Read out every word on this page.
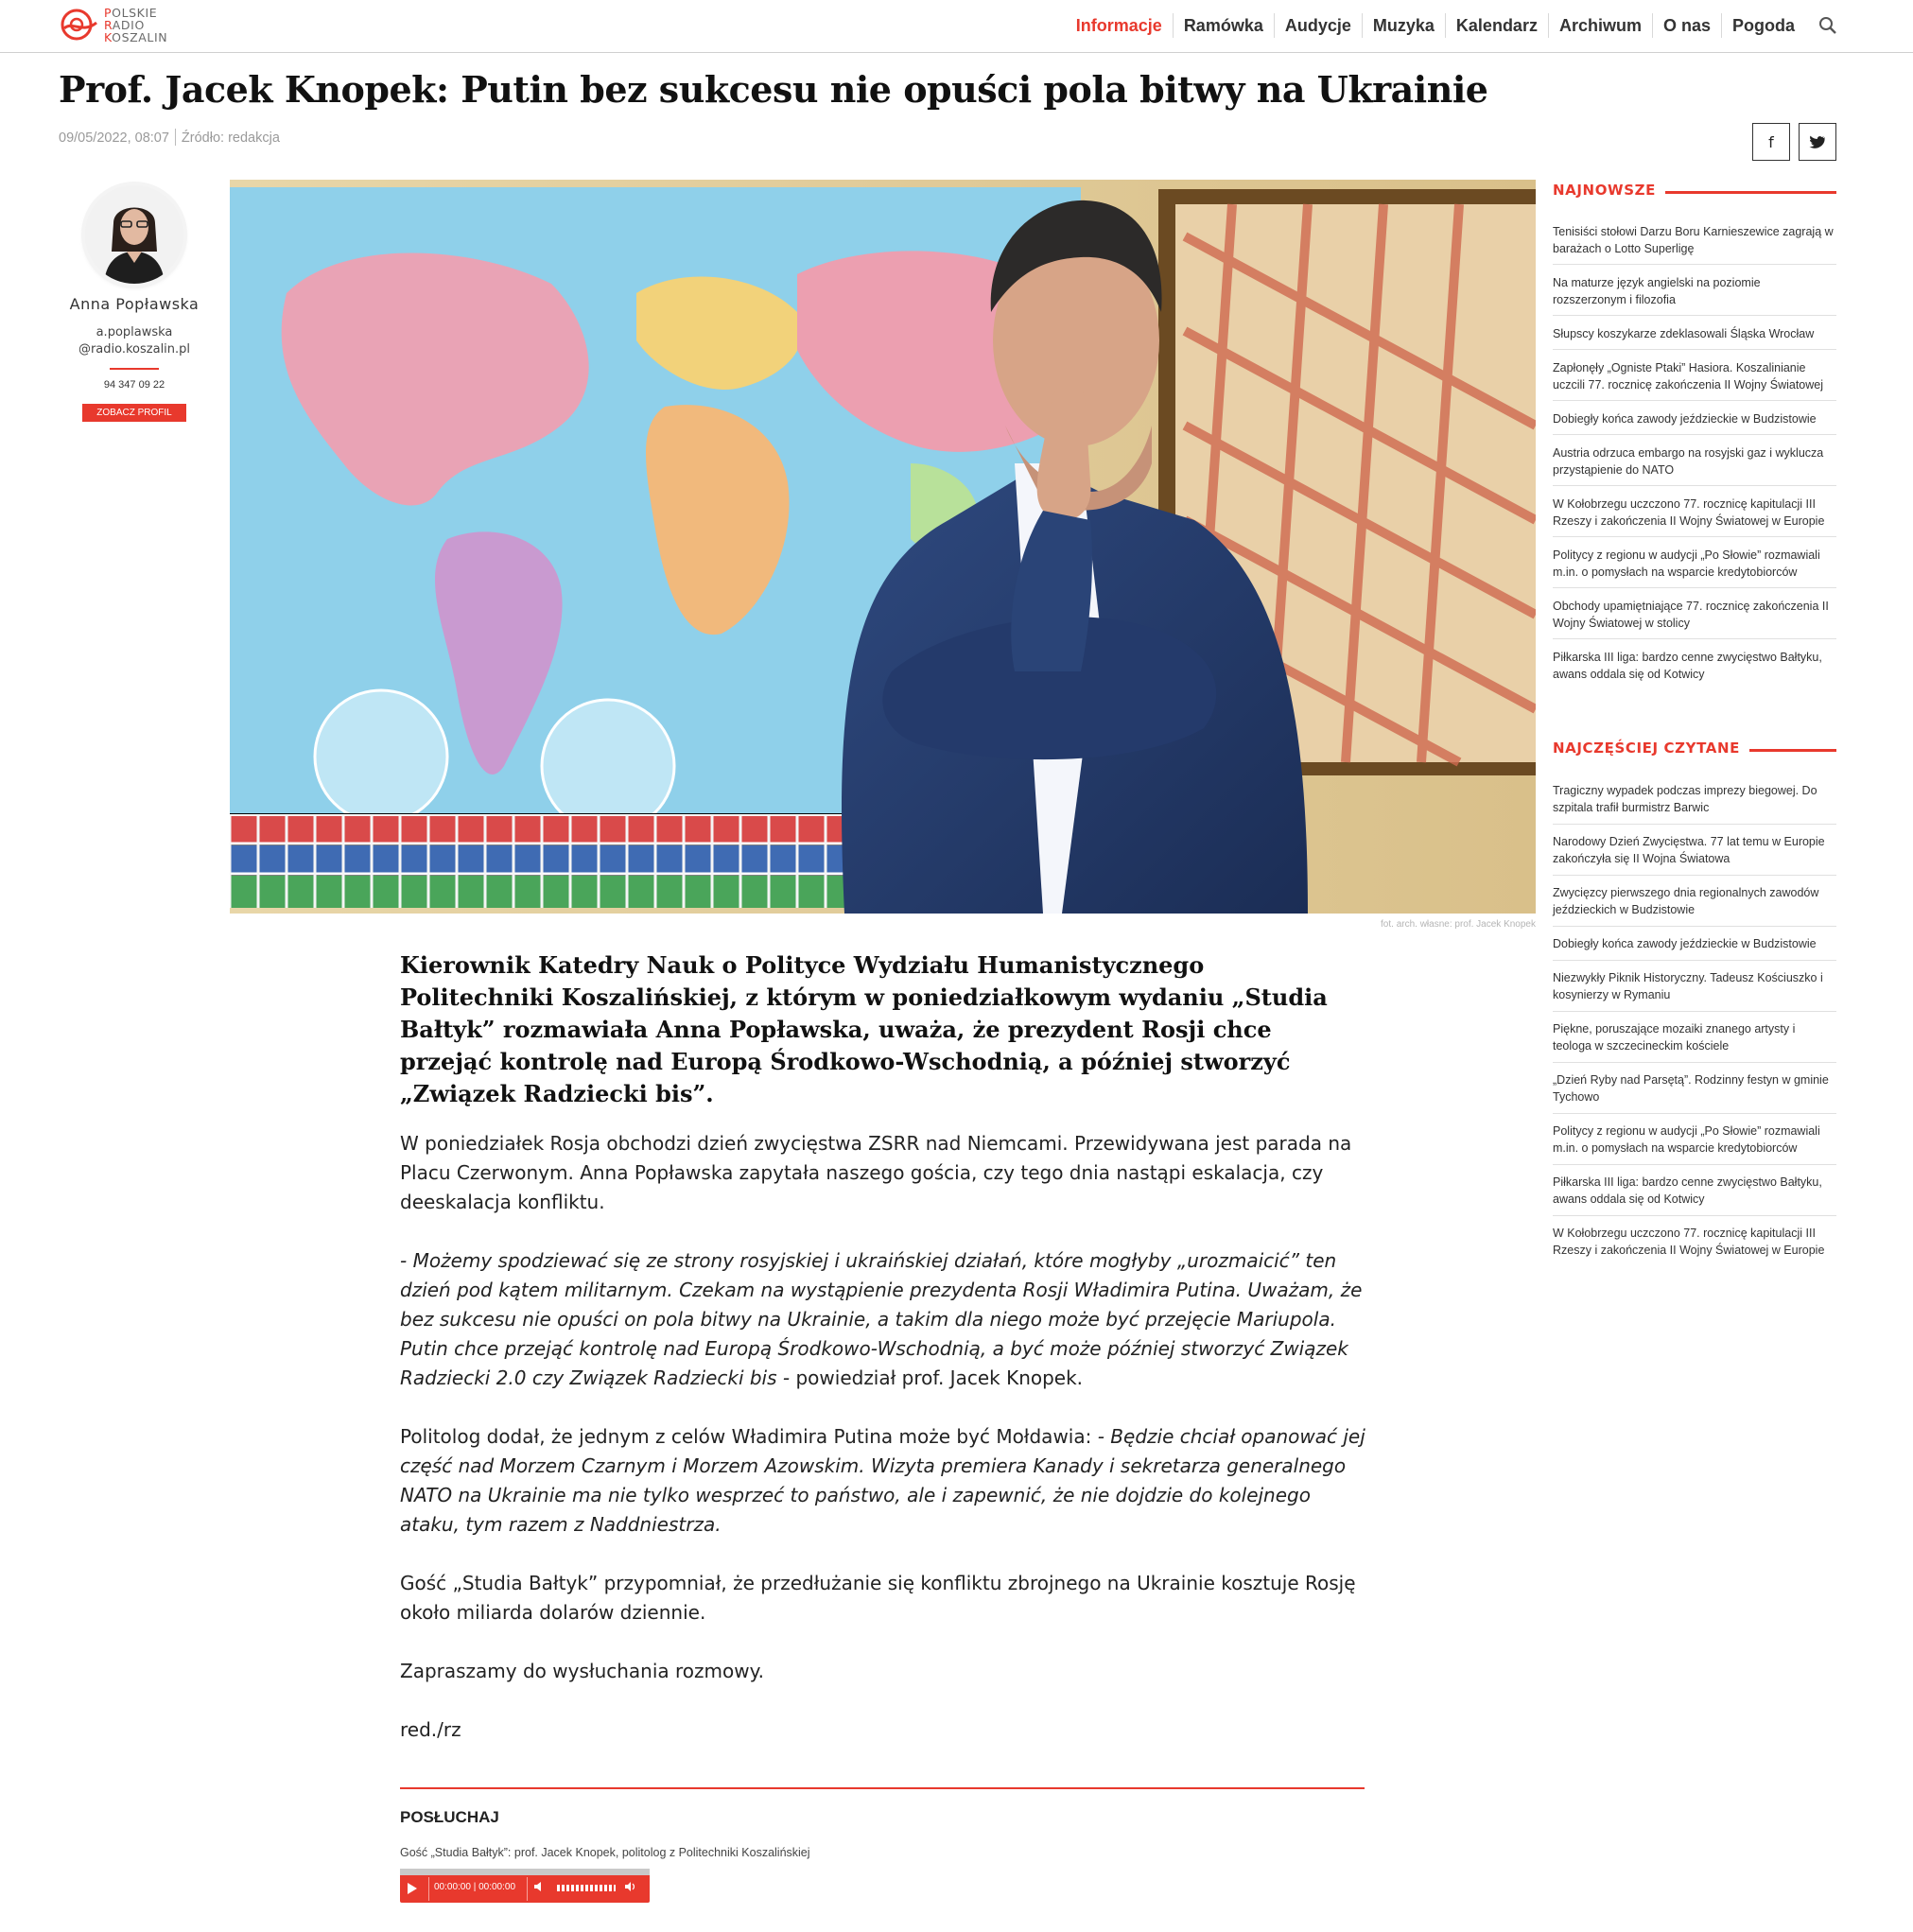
POLSKIE
RADIO
KOSZALIN
Informacje	Ramówka	Audycje	Muzyka	Kalendarz	Archiwum	O nas	Pogoda
Prof. Jacek Knopek: Putin bez sukcesu nie opuści pola bitwy na Ukrainie
09/05/2022, 08:07 Źródło: redakcja	f
Anna Popławska
a.poplawska
@radio.koszalin.pl
94 347 09 22
ZOBACZ PROFIL
fot. arch. własne: prof. Jacek Knopek

Kierownik Katedry Nauk o Polityce Wydziału Humanistycznego Politechniki Koszalińskiej, z którym w poniedziałkowym wydaniu „Studia Bałtyk” rozmawiała Anna Popławska, uważa, że prezydent Rosji chce przejąć kontrolę nad Europą Środkowo-Wschodnią, a później stworzyć „Związek Radziecki bis”.

W poniedziałek Rosja obchodzi dzień zwycięstwa ZSRR nad Niemcami. Przewidywana jest parada na Placu Czerwonym. Anna Popławska zapytała naszego gościa, czy tego dnia nastąpi eskalacja, czy deeskalacja konfliktu.

- Możemy spodziewać się ze strony rosyjskiej i ukraińskiej działań, które mogłyby „urozmaicić” ten dzień pod kątem militarnym. Czekam na wystąpienie prezydenta Rosji Władimira Putina. Uważam, że bez sukcesu nie opuści on pola bitwy na Ukrainie, a takim dla niego może być przejęcie Mariupola. Putin chce przejąć kontrolę nad Europą Środkowo-Wschodnią, a być może później stworzyć Związek Radziecki 2.0 czy Związek Radziecki bis - powiedział prof. Jacek Knopek.

Politolog dodał, że jednym z celów Władimira Putina może być Mołdawia: - Będzie chciał opanować jej część nad Morzem Czarnym i Morzem Azowskim. Wizyta premiera Kanady i sekretarza generalnego NATO na Ukrainie ma nie tylko wesprzeć to państwo, ale i zapewnić, że nie dojdzie do kolejnego ataku, tym razem z Naddniestrza.

Gość „Studia Bałtyk” przypomniał, że przedłużanie się konfliktu zbrojnego na Ukrainie kosztuje Rosję około miliarda dolarów dziennie.

Zapraszamy do wysłuchania rozmowy.

red./rz

POSŁUCHAJ
Gość „Studia Bałtyk”: prof. Jacek Knopek, politolog z Politechniki Koszalińskiej
00:00:00 | 00:00:00
NAJNOWSZE
Tenisiści stołowi Darzu Boru Karnieszewice zagrają w barażach o Lotto Superligę
Na maturze język angielski na poziomie rozszerzonym i filozofia
Słupscy koszykarze zdeklasowali Śląska Wrocław
Zapłonęły „Ogniste Ptaki” Hasiora. Koszalinianie uczcili 77. rocznicę zakończenia II Wojny Światowej
Dobiegły końca zawody jeździeckie w Budzistowie
Austria odrzuca embargo na rosyjski gaz i wyklucza przystąpienie do NATO
W Kołobrzegu uczczono 77. rocznicę kapitulacji III Rzeszy i zakończenia II Wojny Światowej w Europie
Politycy z regionu w audycji „Po Słowie” rozmawiali m.in. o pomysłach na wsparcie kredytobiorców
Obchody upamiętniające 77. rocznicę zakończenia II Wojny Światowej w stolicy
Piłkarska III liga: bardzo cenne zwycięstwo Bałtyku, awans oddala się od Kotwicy
NAJCZĘŚCIEJ CZYTANE
Tragiczny wypadek podczas imprezy biegowej. Do szpitala trafił burmistrz Barwic
Narodowy Dzień Zwycięstwa. 77 lat temu w Europie zakończyła się II Wojna Światowa
Zwycięzcy pierwszego dnia regionalnych zawodów jeździeckich w Budzistowie
Dobiegły końca zawody jeździeckie w Budzistowie
Niezwykły Piknik Historyczny. Tadeusz Kościuszko i kosynierzy w Rymaniu
Piękne, poruszające mozaiki znanego artysty i teologa w szczecineckim kościele
„Dzień Ryby nad Parsętą”. Rodzinny festyn w gminie Tychowo
Politycy z regionu w audycji „Po Słowie” rozmawiali m.in. o pomysłach na wsparcie kredytobiorców
Piłkarska III liga: bardzo cenne zwycięstwo Bałtyku, awans oddala się od Kotwicy
W Kołobrzegu uczczono 77. rocznicę kapitulacji III Rzeszy i zakończenia II Wojny Światowej w Europie
